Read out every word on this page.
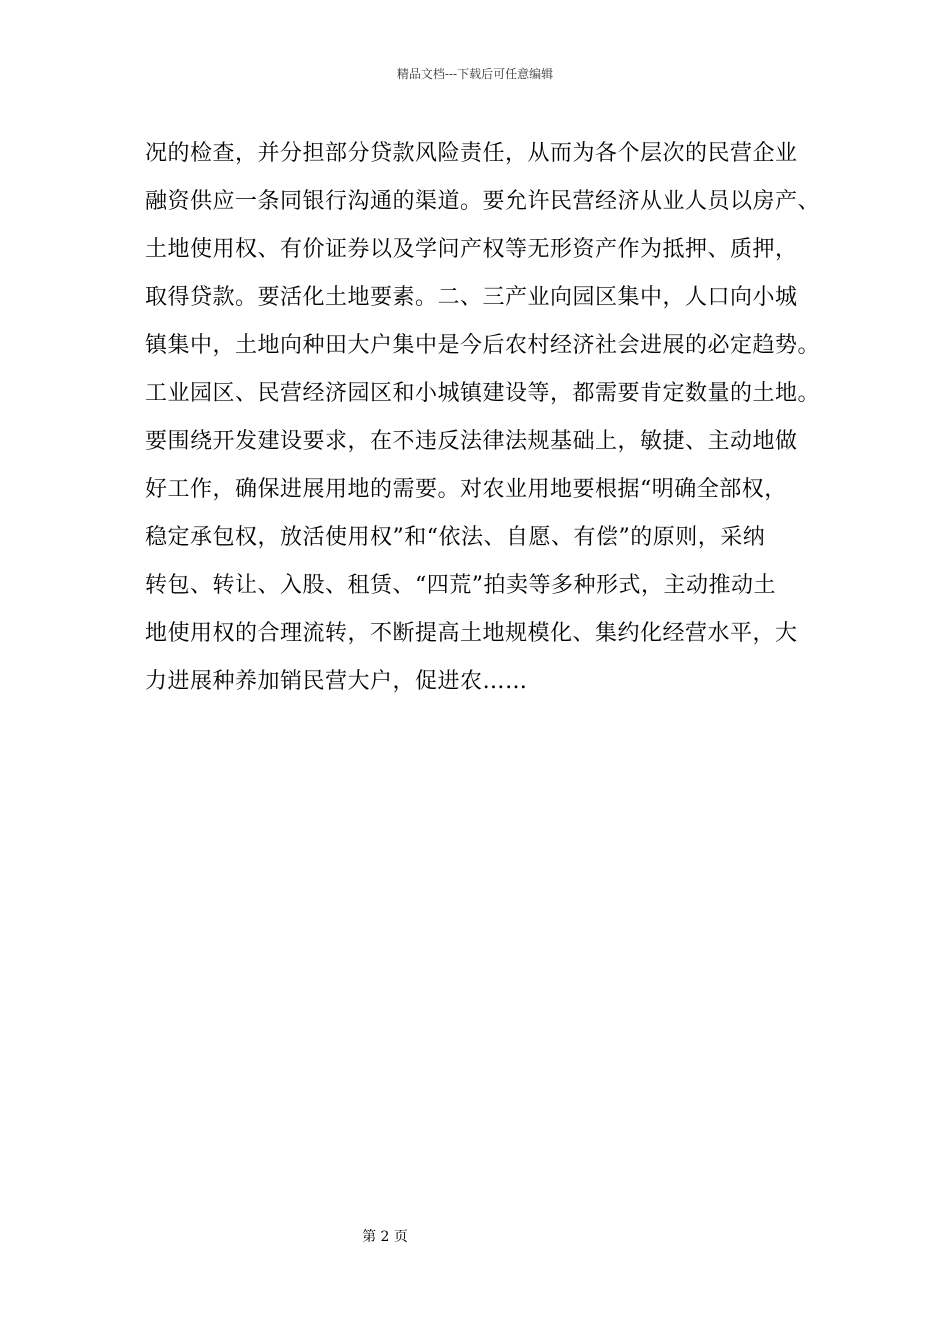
精品文档---下载后可任意编辑
况的检查，并分担部分贷款风险责任，从而为各个层次的民营企业
融资供应一条同银行沟通的渠道。要允许民营经济从业人员以房产、
土地使用权、有价证券以及学问产权等无形资产作为抵押、质押，
取得贷款。要活化土地要素。二、三产业向园区集中，人口向小城
镇集中，土地向种田大户集中是今后农村经济社会进展的必定趋势。
工业园区、民营经济园区和小城镇建设等，都需要肯定数量的土地。
要围绕开发建设要求，在不违反法律法规基础上，敏捷、主动地做
好工作，确保进展用地的需要。对农业用地要根据“明确全部权，
稳定承包权，放活使用权”和“依法、自愿、有偿”的原则，采纳
转包、转让、入股、租赁、“四荒”拍卖等多种形式，主动推动土
地使用权的合理流转，不断提高土地规模化、集约化经营水平，大
力进展种养加销民营大户，促进农……
第 2 页
